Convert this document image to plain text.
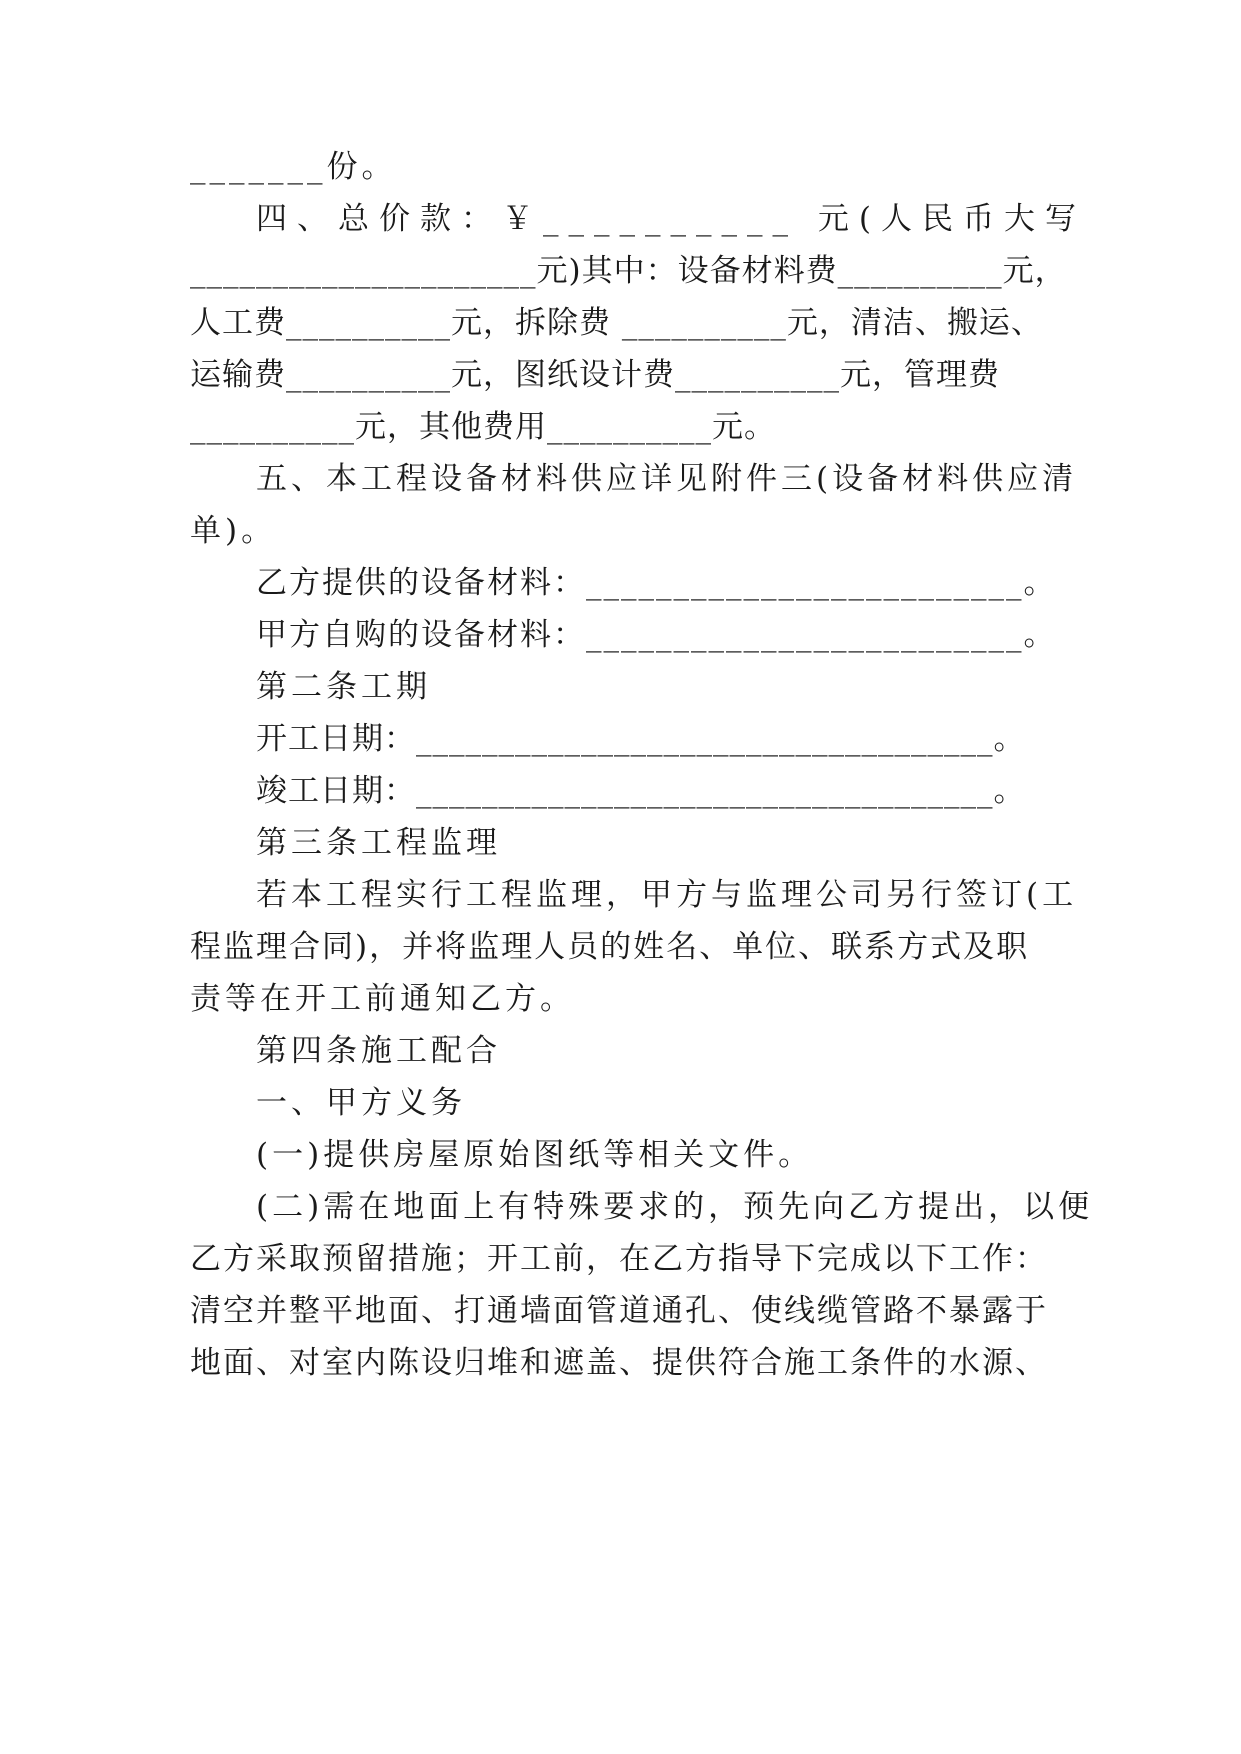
_______份。
四、总价款：￥__________ 元(人民币大写
_____________________元)其中：设备材料费__________元，
人工费__________元，拆除费 __________元，清洁、搬运、
运输费__________元，图纸设计费__________元，管理费
__________元，其他费用__________元。
五、本工程设备材料供应详见附件三(设备材料供应清
单)。
乙方提供的设备材料：_________________________。
甲方自购的设备材料：_________________________。
第二条工期
开工日期：___________________________________。
竣工日期：___________________________________。
第三条工程监理
若本工程实行工程监理，甲方与监理公司另行签订(工
程监理合同)，并将监理人员的姓名、单位、联系方式及职
责等在开工前通知乙方。
第四条施工配合
一、甲方义务
(一)提供房屋原始图纸等相关文件。
(二)需在地面上有特殊要求的，预先向乙方提出，以便
乙方采取预留措施；开工前，在乙方指导下完成以下工作：
清空并整平地面、打通墙面管道通孔、使线缆管路不暴露于
地面、对室内陈设归堆和遮盖、提供符合施工条件的水源、
